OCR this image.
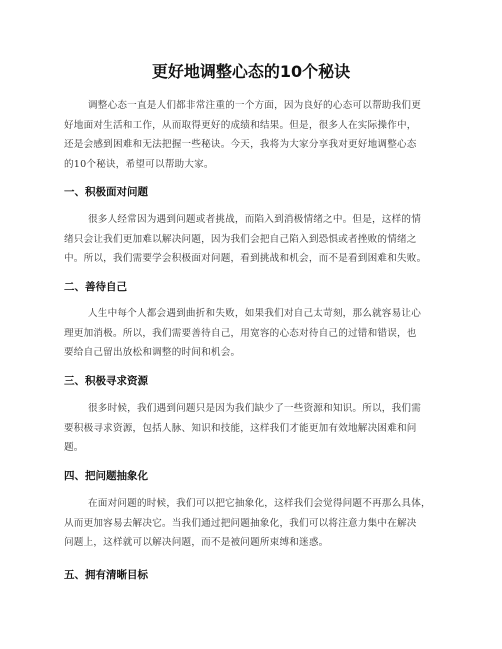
更好地调整心态的10个秘诀
调整心态一直是人们都非常注重的一个方面，因为良好的心态可以帮助我们更
好地面对生活和工作，从而取得更好的成绩和结果。但是，很多人在实际操作中，
还是会感到困难和无法把握一些秘诀。今天，我将为大家分享我对更好地调整心态
的10个秘诀，希望可以帮助大家。
一、积极面对问题
很多人经常因为遇到问题或者挑战，而陷入到消极情绪之中。但是，这样的情
绪只会让我们更加难以解决问题，因为我们会把自己陷入到恐惧或者挫败的情绪之
中。所以，我们需要学会积极面对问题，看到挑战和机会，而不是看到困难和失败。
二、善待自己
人生中每个人都会遇到曲折和失败，如果我们对自己太苛刻，那么就容易让心
理更加消极。所以，我们需要善待自己，用宽容的心态对待自己的过错和错误，也
要给自己留出放松和调整的时间和机会。
三、积极寻求资源
很多时候，我们遇到问题只是因为我们缺少了一些资源和知识。所以，我们需
要积极寻求资源，包括人脉、知识和技能，这样我们才能更加有效地解决困难和问
题。
四、把问题抽象化
在面对问题的时候，我们可以把它抽象化，这样我们会觉得问题不再那么具体，
从而更加容易去解决它。当我们通过把问题抽象化，我们可以将注意力集中在解决
问题上，这样就可以解决问题，而不是被问题所束缚和迷惑。
五、拥有清晰目标
